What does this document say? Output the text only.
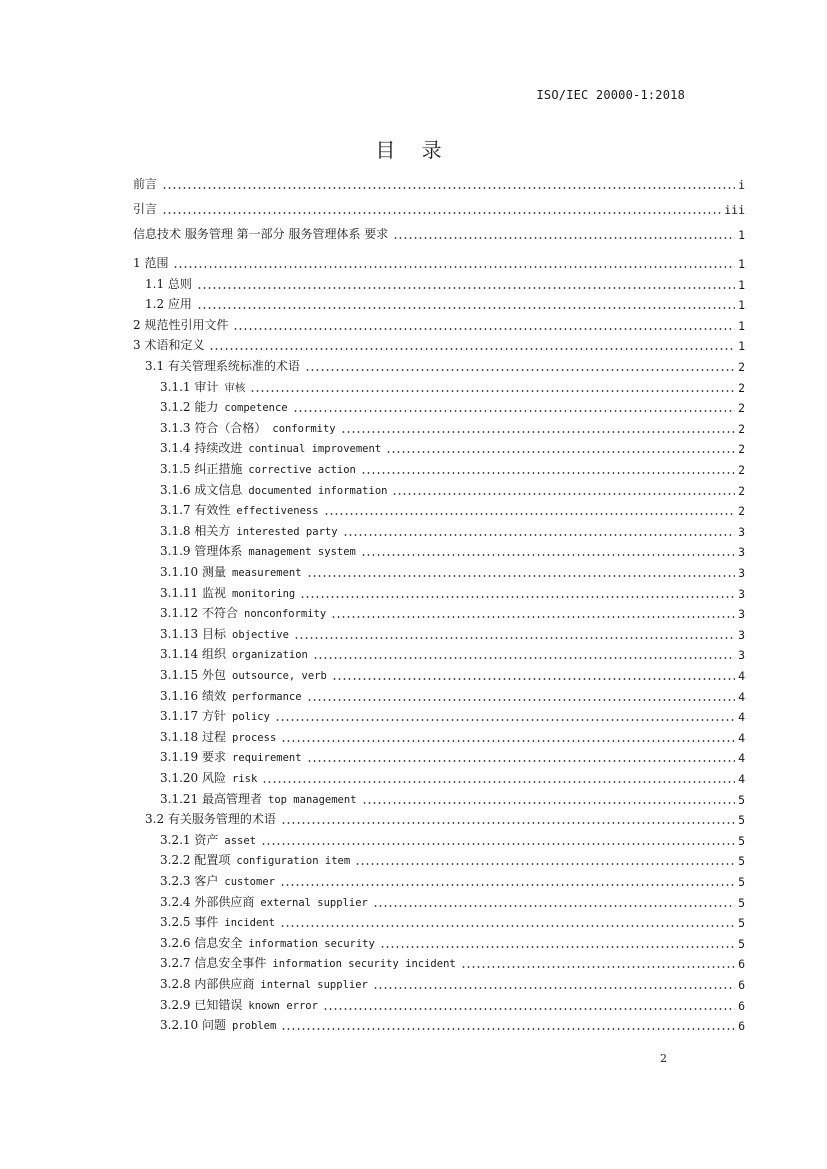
ISO/IEC 20000-1:2018
目 录
前言	i
引言	iii
信息技术 服务管理 第一部分 服务管理体系 要求	1
1 范围	1
1.1 总则	1
1.2 应用	1
2 规范性引用文件	1
3 术语和定义	1
3.1 有关管理系统标准的术语	2
3.1.1 审计  审核	2
3.1.2 能力  competence	2
3.1.3 符合（合格）  conformity	2
3.1.4 持续改进  continual improvement	2
3.1.5 纠正措施  corrective action	2
3.1.6 成文信息  documented information	2
3.1.7 有效性  effectiveness	2
3.1.8 相关方  interested party	3
3.1.9 管理体系  management system	3
3.1.10 测量  measurement	3
3.1.11 监视  monitoring	3
3.1.12 不符合  nonconformity	3
3.1.13 目标  objective	3
3.1.14 组织  organization	3
3.1.15 外包  outsource, verb	4
3.1.16 绩效  performance	4
3.1.17 方针  policy	4
3.1.18 过程  process	4
3.1.19 要求  requirement	4
3.1.20 风险  risk	4
3.1.21 最高管理者  top management	5
3.2 有关服务管理的术语	5
3.2.1 资产  asset	5
3.2.2 配置项  configuration item	5
3.2.3 客户  customer	5
3.2.4 外部供应商  external supplier	5
3.2.5 事件  incident	5
3.2.6 信息安全  information security	5
3.2.7 信息安全事件  information security incident	6
3.2.8 内部供应商  internal supplier	6
3.2.9 已知错误  known error	6
3.2.10 问题  problem	6
2
